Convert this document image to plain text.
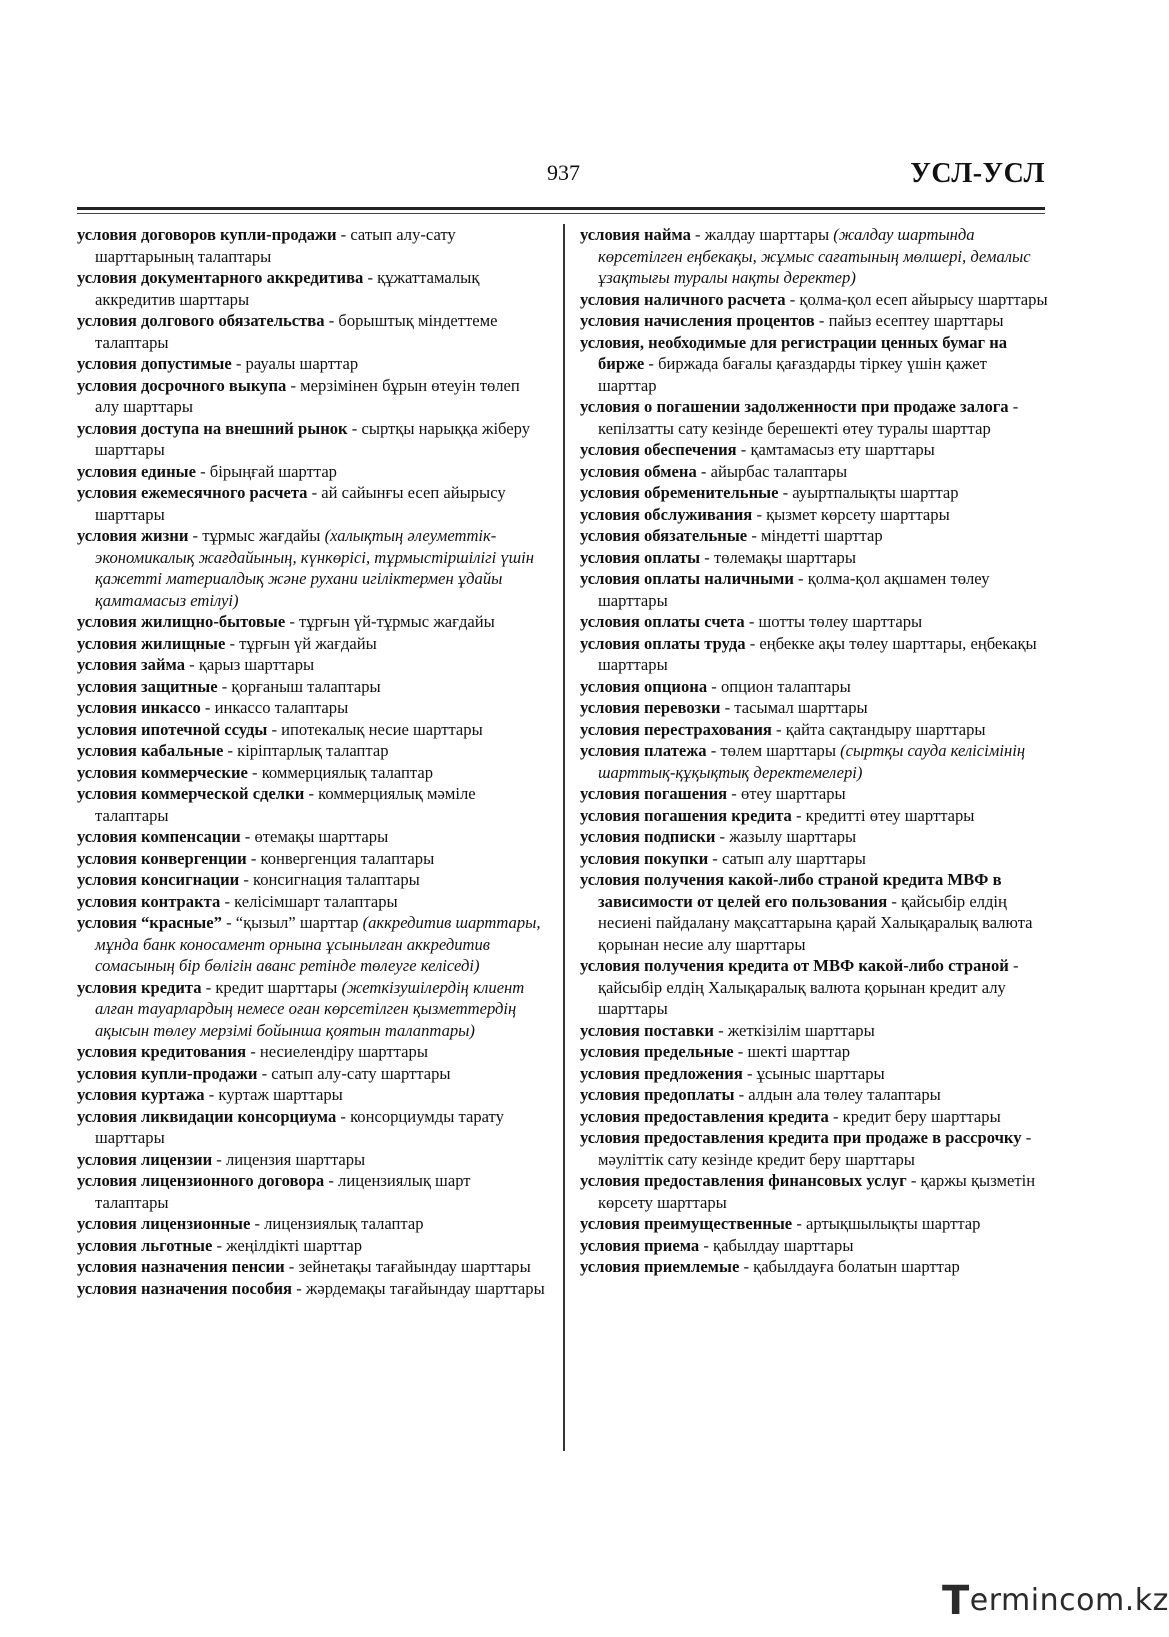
937	УСЛ-УСЛ

условия договоров купли-продажи - сатып алу-сату шарттарының талаптары

условия документарного аккредитива - құжаттамалық аккредитив шарттары

условия долгового обязательства - борыштық міндеттеме талаптары

условия допустимые - рауалы шарттар

условия досрочного выкупа - мерзімінен бұрын өтеуін төлеп алу шарттары

условия доступа на внешний рынок - сыртқы нарыққа жіберу шарттары

условия единые - бірыңғай шарттар

условия ежемесячного расчета - ай сайынғы есеп айырысу шарттары

условия жизни - тұрмыс жағдайы (халықтың әлеуметтік-экономикалық жағдайының, күнкөрісі, тұрмыстіршілігі үшін қажетті материалдық және рухани игіліктермен ұдайы қамтамасыз етілуі)

условия жилищно-бытовые - тұрғын үй-тұрмыс жағдайы

условия жилищные - тұрғын үй жағдайы

условия займа - қарыз шарттары

условия защитные - қорғаныш талаптары

условия инкассо - инкассо талаптары

условия ипотечной ссуды - ипотекалық несие шарттары

условия кабальные - кіріптарлық талаптар

условия коммерческие - коммерциялық талаптар

условия коммерческой сделки - коммерциялық мәміле талаптары

условия компенсации - өтемақы шарттары

условия конвергенции - конвергенция талаптары

условия консигнации - консигнация талаптары

условия контракта - келісімшарт талаптары

условия “красные” - “қызыл” шарттар (аккредитив шарттары, мұнда банк коносамент орнына ұсынылған аккредитив сомасының бір бөлігін аванс ретінде төлеуге келіседі)

условия кредита - кредит шарттары (жеткізушілердің клиент алған тауарлардың немесе оған көрсетілген қызметтердің ақысын төлеу мерзімі бойынша қоятын талаптары)

условия кредитования - несиелендіру шарттары

условия купли-продажи - сатып алу-сату шарттары

условия куртажа - куртаж шарттары

условия ликвидации консорциума - консорциумды тарату шарттары

условия лицензии - лицензия шарттары

условия лицензионного договора - лицензиялық шарт талаптары

условия лицензионные - лицензиялық талаптар

условия льготные - жеңілдікті шарттар

условия назначения пенсии - зейнетақы тағайындау шарттары

условия назначения пособия - жәрдемақы тағайындау шарттары

условия найма - жалдау шарттары (жалдау шартында көрсетілген еңбекақы, жұмыс сағатының мөлшері, демалыс ұзақтығы туралы нақты деректер)

условия наличного расчета - қолма-қол есеп айырысу шарттары

условия начисления процентов - пайыз есептеу шарттары

условия, необходимые для регистрации ценных бумаг на бирже - биржада бағалы қағаздарды тіркеу үшін қажет шарттар

условия о погашении задолженности при продаже залога - кепілзатты сату кезінде берешекті өтеу туралы шарттар

условия обеспечения - қамтамасыз ету шарттары

условия обмена - айырбас талаптары

условия обременительные - ауыртпалықты шарттар

условия обслуживания - қызмет көрсету шарттары

условия обязательные - міндетті шарттар

условия оплаты - төлемақы шарттары

условия оплаты наличными - қолма-қол ақшамен төлеу шарттары

условия оплаты счета - шотты төлеу шарттары

условия оплаты труда - еңбекке ақы төлеу шарттары, еңбекақы шарттары

условия опциона - опцион талаптары

условия перевозки - тасымал шарттары

условия перестрахования - қайта сақтандыру шарттары

условия платежа - төлем шарттары (сыртқы сауда келісімінің шарттық-құқықтық деректемелері)

условия погашения - өтеу шарттары

условия погашения кредита - кредитті өтеу шарттары

условия подписки - жазылу шарттары

условия покупки - сатып алу шарттары

условия получения какой-либо страной кредита МВФ в зависимости от целей его пользования - қайсыбір елдің несиені пайдалану мақсаттарына қарай Халықаралық валюта қорынан несие алу шарттары

условия получения кредита от МВФ какой-либо страной - қайсыбір елдің Халықаралық валюта қорынан кредит алу шарттары

условия поставки - жеткізілім шарттары

условия предельные - шекті шарттар

условия предложения - ұсыныс шарттары

условия предоплаты - алдын ала төлеу талаптары

условия предоставления кредита - кредит беру шарттары

условия предоставления кредита при продаже в рассрочку - мәуліттік сату кезінде кредит беру шарттары

условия предоставления финансовых услуг - қаржы қызметін көрсету шарттары

условия преимущественные - артықшылықты шарттар

условия приема - қабылдау шарттары

условия приемлемые - қабылдауға болатын шарттар

Termincom.kz
